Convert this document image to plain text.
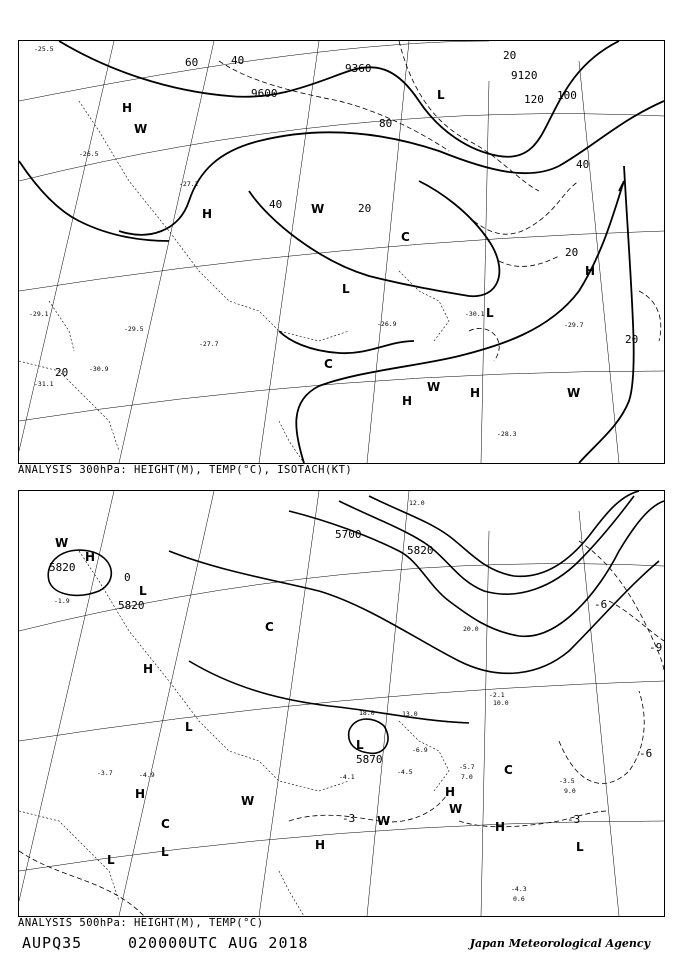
9600
9360
9120
60	40
80
120 100
20
20
40
20
20
20
40
H
H
H
H
H
L
L
L
W
W	W
W
C
C
-25.5
-26.5
-27.2
-26.9
-28.3
-30.1
-29.7
-30.9
-29.1
-27.7
-29.5
-31.1
ANALYSIS 300hPa: HEIGHT(M), TEMP(°C), ISOTACH(KT)
5700
5820
5820
5820
5870
-3
-6
-9
-6
-3
0
H
H
H
H
H
H
L
L
L
L
L	L
C
C
C
W
W
W
W
-4.3
-3.5
-5.7
-4.5
-4.9
-3.7
-1.9
-2.1
-6.9
-4.1
12.0
13.0
20.0
18.0
0.6
9.0
10.0
7.0
ANALYSIS 500hPa: HEIGHT(M), TEMP(°C)
AUPQ35	020000UTC AUG 2018	Japan Meteorological Agency
